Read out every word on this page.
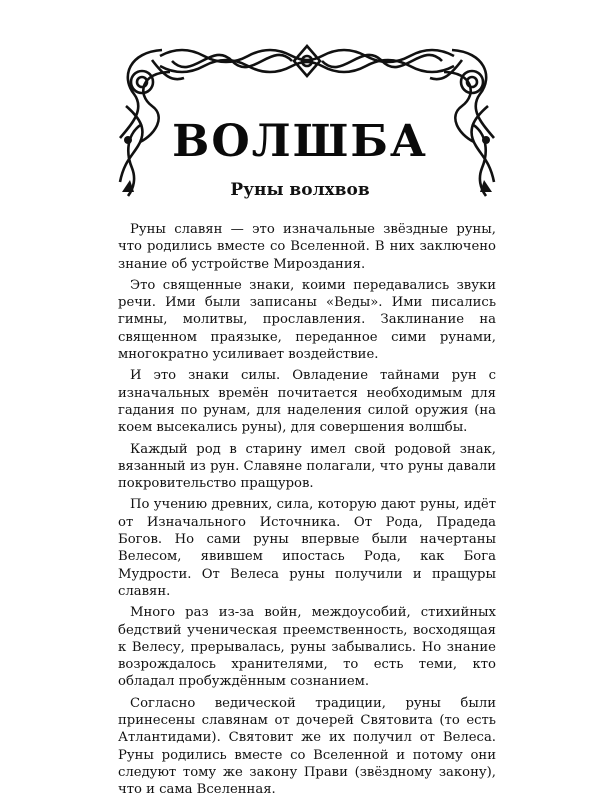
ВОЛШБА
Руны волхвов

Руны славян — это изначальные звёздные руны, что родились вместе со Вселенной. В них заключено знание об устройстве Мироздания.

Это священные знаки, коими передавались звуки речи. Ими были записаны «Веды». Ими писались гимны, молитвы, прославления. Заклинание на священном праязыке, переданное сими рунами, многократно усиливает воздействие.

И это знаки силы. Овладение тайнами рун с изначальных времён почитается необходимым для гадания по рунам, для наделения силой оружия (на коем высекались руны), для совершения волшбы.

Каждый род в старину имел свой родовой знак, вязанный из рун. Славяне полагали, что руны давали покровительство пращуров.

По учению древних, сила, которую дают руны, идёт от Изначального Источника. От Рода, Прадеда Богов. Но сами руны впервые были начертаны Велесом, явившем ипостась Рода, как Бога Мудрости. От Велеса руны получили и пращуры славян.

Много раз из-за войн, междоусобий, стихийных бедствий ученическая преемственность, восходящая к Велесу, прерывалась, руны забывались. Но знание возрождалось хранителями, то есть теми, кто обладал пробуждённым сознанием.

Согласно ведической традиции, руны были принесены славянам от дочерей Святовита (то есть Атлантидами). Святовит же их получил от Велеса. Руны родились вместе со Вселенной и потому они следуют тому же закону Прави (звёздному закону), что и сама Вселенная.
